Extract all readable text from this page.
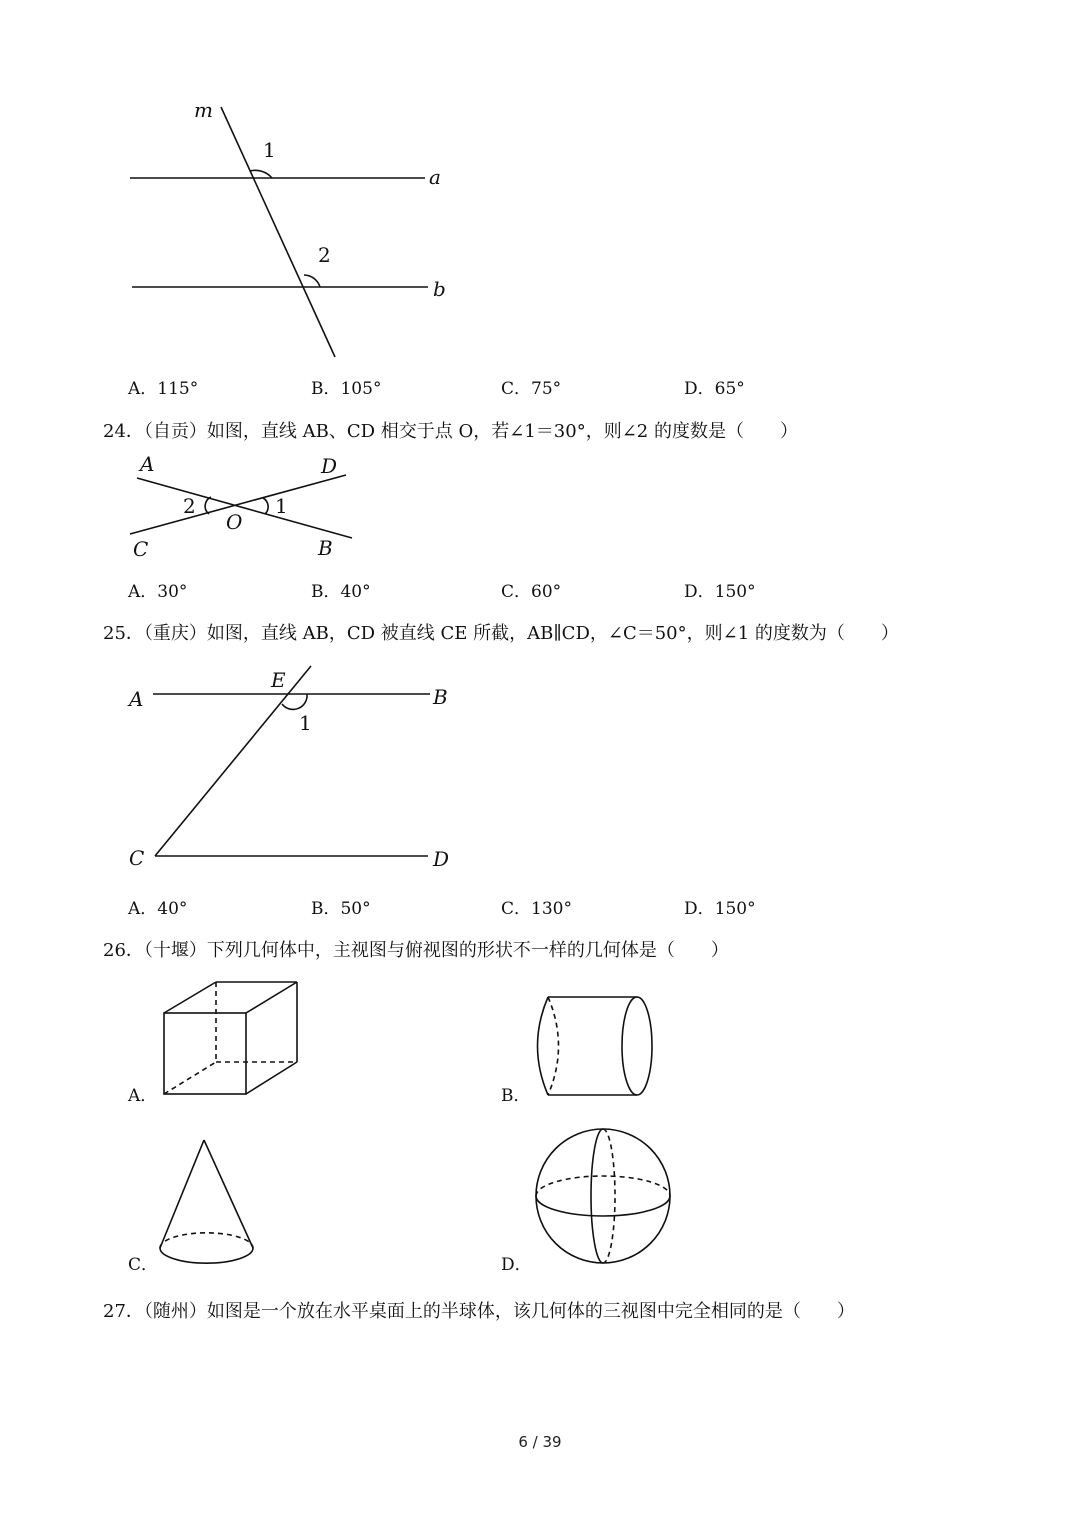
m
a
b
1
2
A．115°	B．105°	C．75°	D．65°
24．（自贡）如图，直线 AB、CD 相交于点 O，若∠1＝30°，则∠2 的度数是（　　）
A	D
C	B
O
2	1
A．30°	B．40°	C．60°	D．150°
25．（重庆）如图，直线 AB，CD 被直线 CE 所截，AB∥CD，∠C＝50°，则∠1 的度数为（　　）
A	B
C	D
E
1
A．40°	B．50°	C．130°	D．150°
26．（十堰）下列几何体中，主视图与俯视图的形状不一样的几何体是（　　）
A．	B．
C．	D．
27．（随州）如图是一个放在水平桌面上的半球体，该几何体的三视图中完全相同的是（　　）
6 / 39
